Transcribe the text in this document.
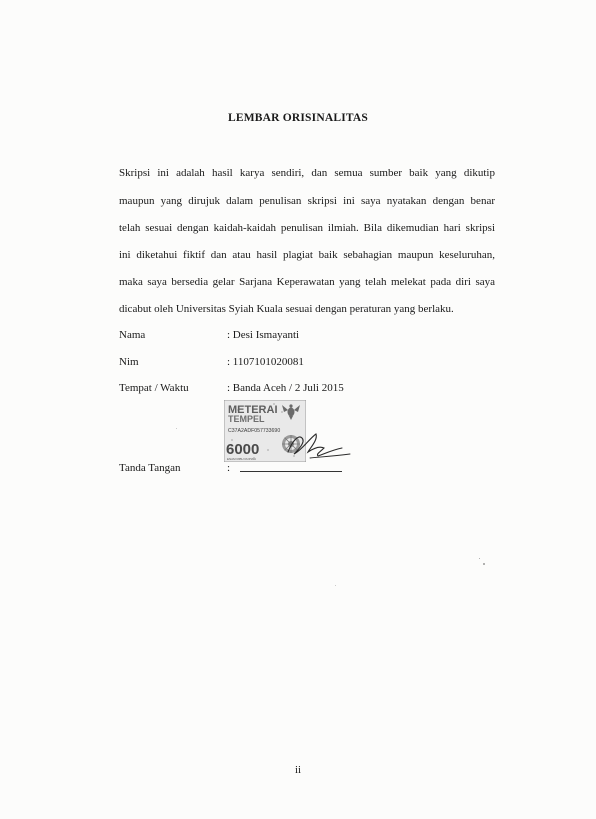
LEMBAR ORISINALITAS
Skripsi ini adalah hasil karya sendiri, dan semua sumber baik yang dikutip
maupun yang dirujuk dalam penulisan skripsi ini saya nyatakan dengan benar
telah sesuai dengan kaidah-kaidah penulisan ilmiah. Bila dikemudian hari skripsi
ini diketahui fiktif dan atau hasil plagiat baik sebahagian maupun keseluruhan,
maka saya bersedia gelar Sarjana Keperawatan yang telah melekat pada diri saya
dicabut oleh Universitas Syiah Kuala sesuai dengan peraturan yang berlaku.
Nama	: Desi Ismayanti
Nim	: 1107101020081
Tempat / Waktu	: Banda Aceh / 2 Juli 2015
METERAI
TEMPEL
C37A2ADF057733690
6000
ENAM RIBU RUPIAH
Tanda Tangan	:
ii
